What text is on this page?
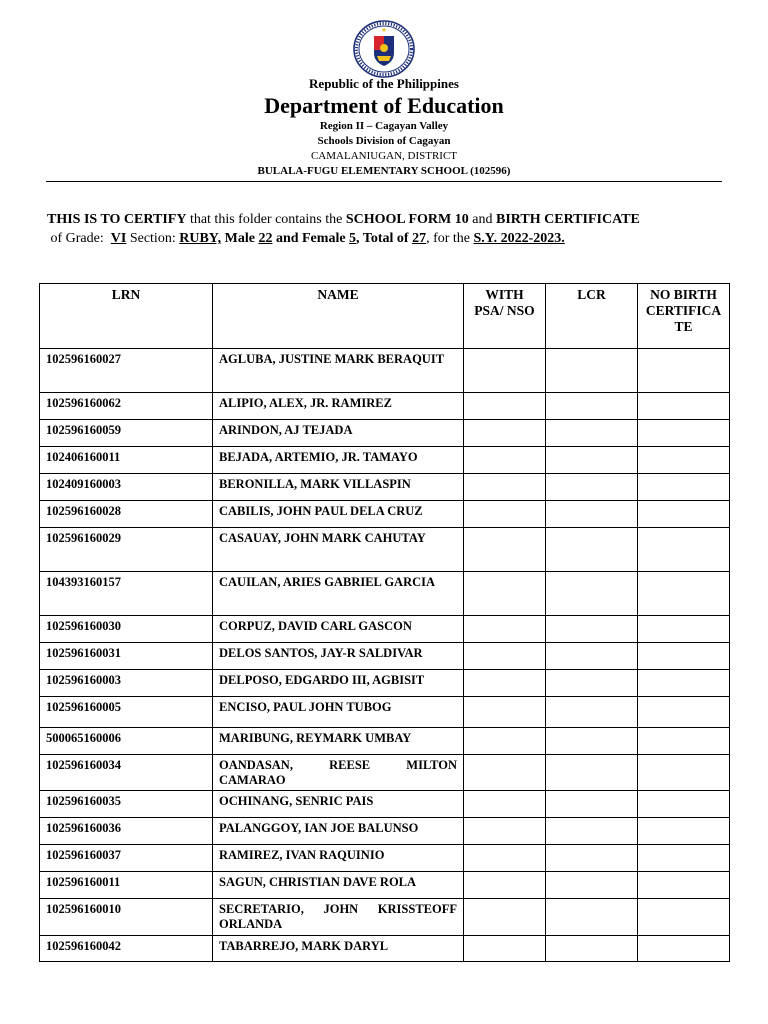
Republic of the Philippines
Department of Education
Region II – Cagayan Valley
Schools Division of Cagayan
CAMALANIUGAN, DISTRICT
BULALA-FUGU ELEMENTARY SCHOOL (102596)
THIS IS TO CERTIFY that this folder contains the SCHOOL FORM 10 and BIRTH CERTIFICATE
of Grade:  VI Section: RUBY, Male 22 and Female 5, Total of 27, for the S.Y. 2022-2023.
LRN	NAME	WITH PSA/ NSO	LCR	NO BIRTH CERTIFICA TE
102596160027	AGLUBA, JUSTINE MARK BERAQUIT			
102596160062	ALIPIO, ALEX, JR. RAMIREZ			
102596160059	ARINDON, AJ TEJADA			
102406160011	BEJADA, ARTEMIO, JR. TAMAYO			
102409160003	BERONILLA, MARK VILLASPIN			
102596160028	CABILIS, JOHN PAUL DELA CRUZ			
102596160029	CASAUAY, JOHN MARK CAHUTAY			
104393160157	CAUILAN, ARIES GABRIEL GARCIA			
102596160030	CORPUZ, DAVID CARL GASCON			
102596160031	DELOS SANTOS, JAY-R SALDIVAR			
102596160003	DELPOSO, EDGARDO III, AGBISIT			
102596160005	ENCISO, PAUL JOHN TUBOG			
500065160006	MARIBUNG, REYMARK UMBAY			
102596160034	OANDASAN, REESE MILTON CAMARAO			
102596160035	OCHINANG, SENRIC PAIS			
102596160036	PALANGGOY, IAN JOE BALUNSO			
102596160037	RAMIREZ, IVAN RAQUINIO			
102596160011	SAGUN, CHRISTIAN DAVE ROLA			
102596160010	SECRETARIO, JOHN KRISSTEOFF ORLANDA			
102596160042	TABARREJO, MARK DARYL			
